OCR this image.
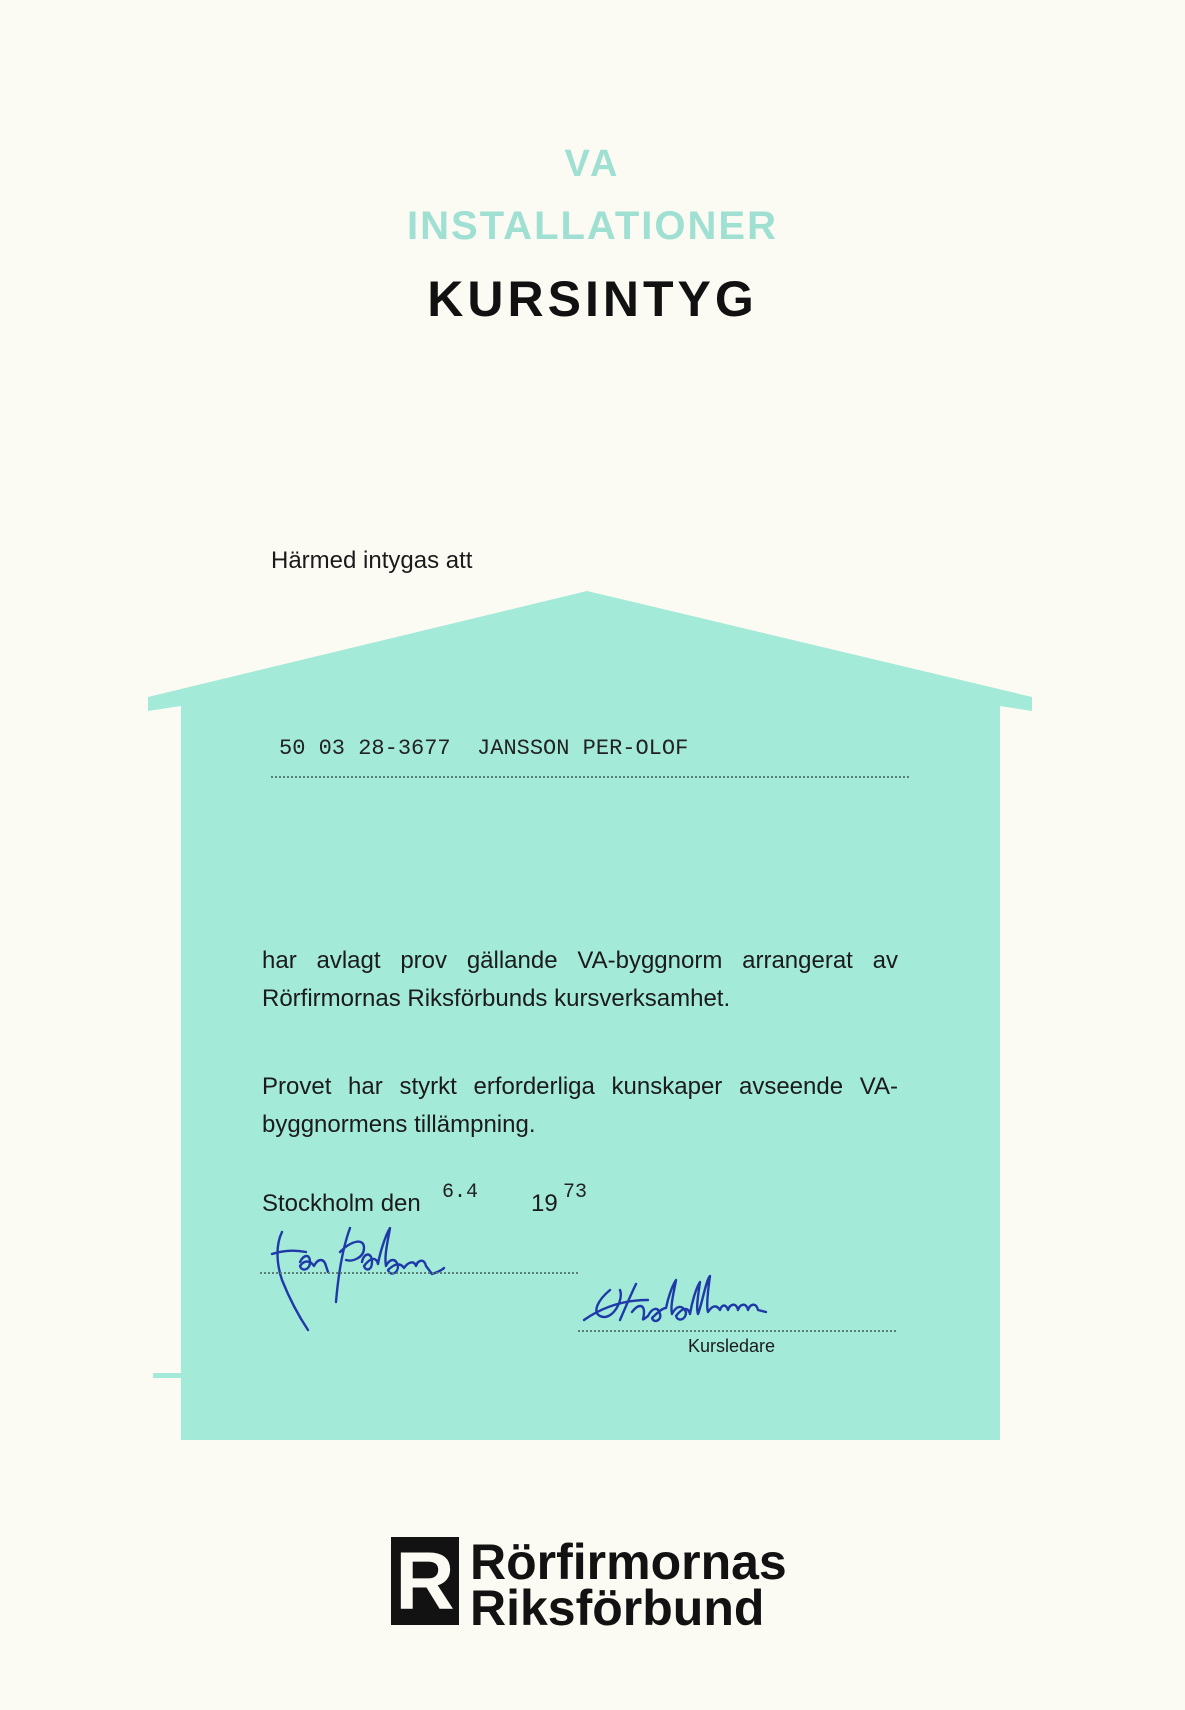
VA
INSTALLATIONER
KURSINTYG
Härmed intygas att
50 03 28-3677 JANSSON PER-OLOF
har avlagt prov gällande VA-byggnorm arrangerat av Rörfirmornas Riksförbunds kursverksamhet.
Provet har styrkt erforderliga kunskaper avseende VA-byggnormens tillämpning.
Stockholm den 6.4 19 73
Kursledare
R Rörfirmornas
Riksförbund
